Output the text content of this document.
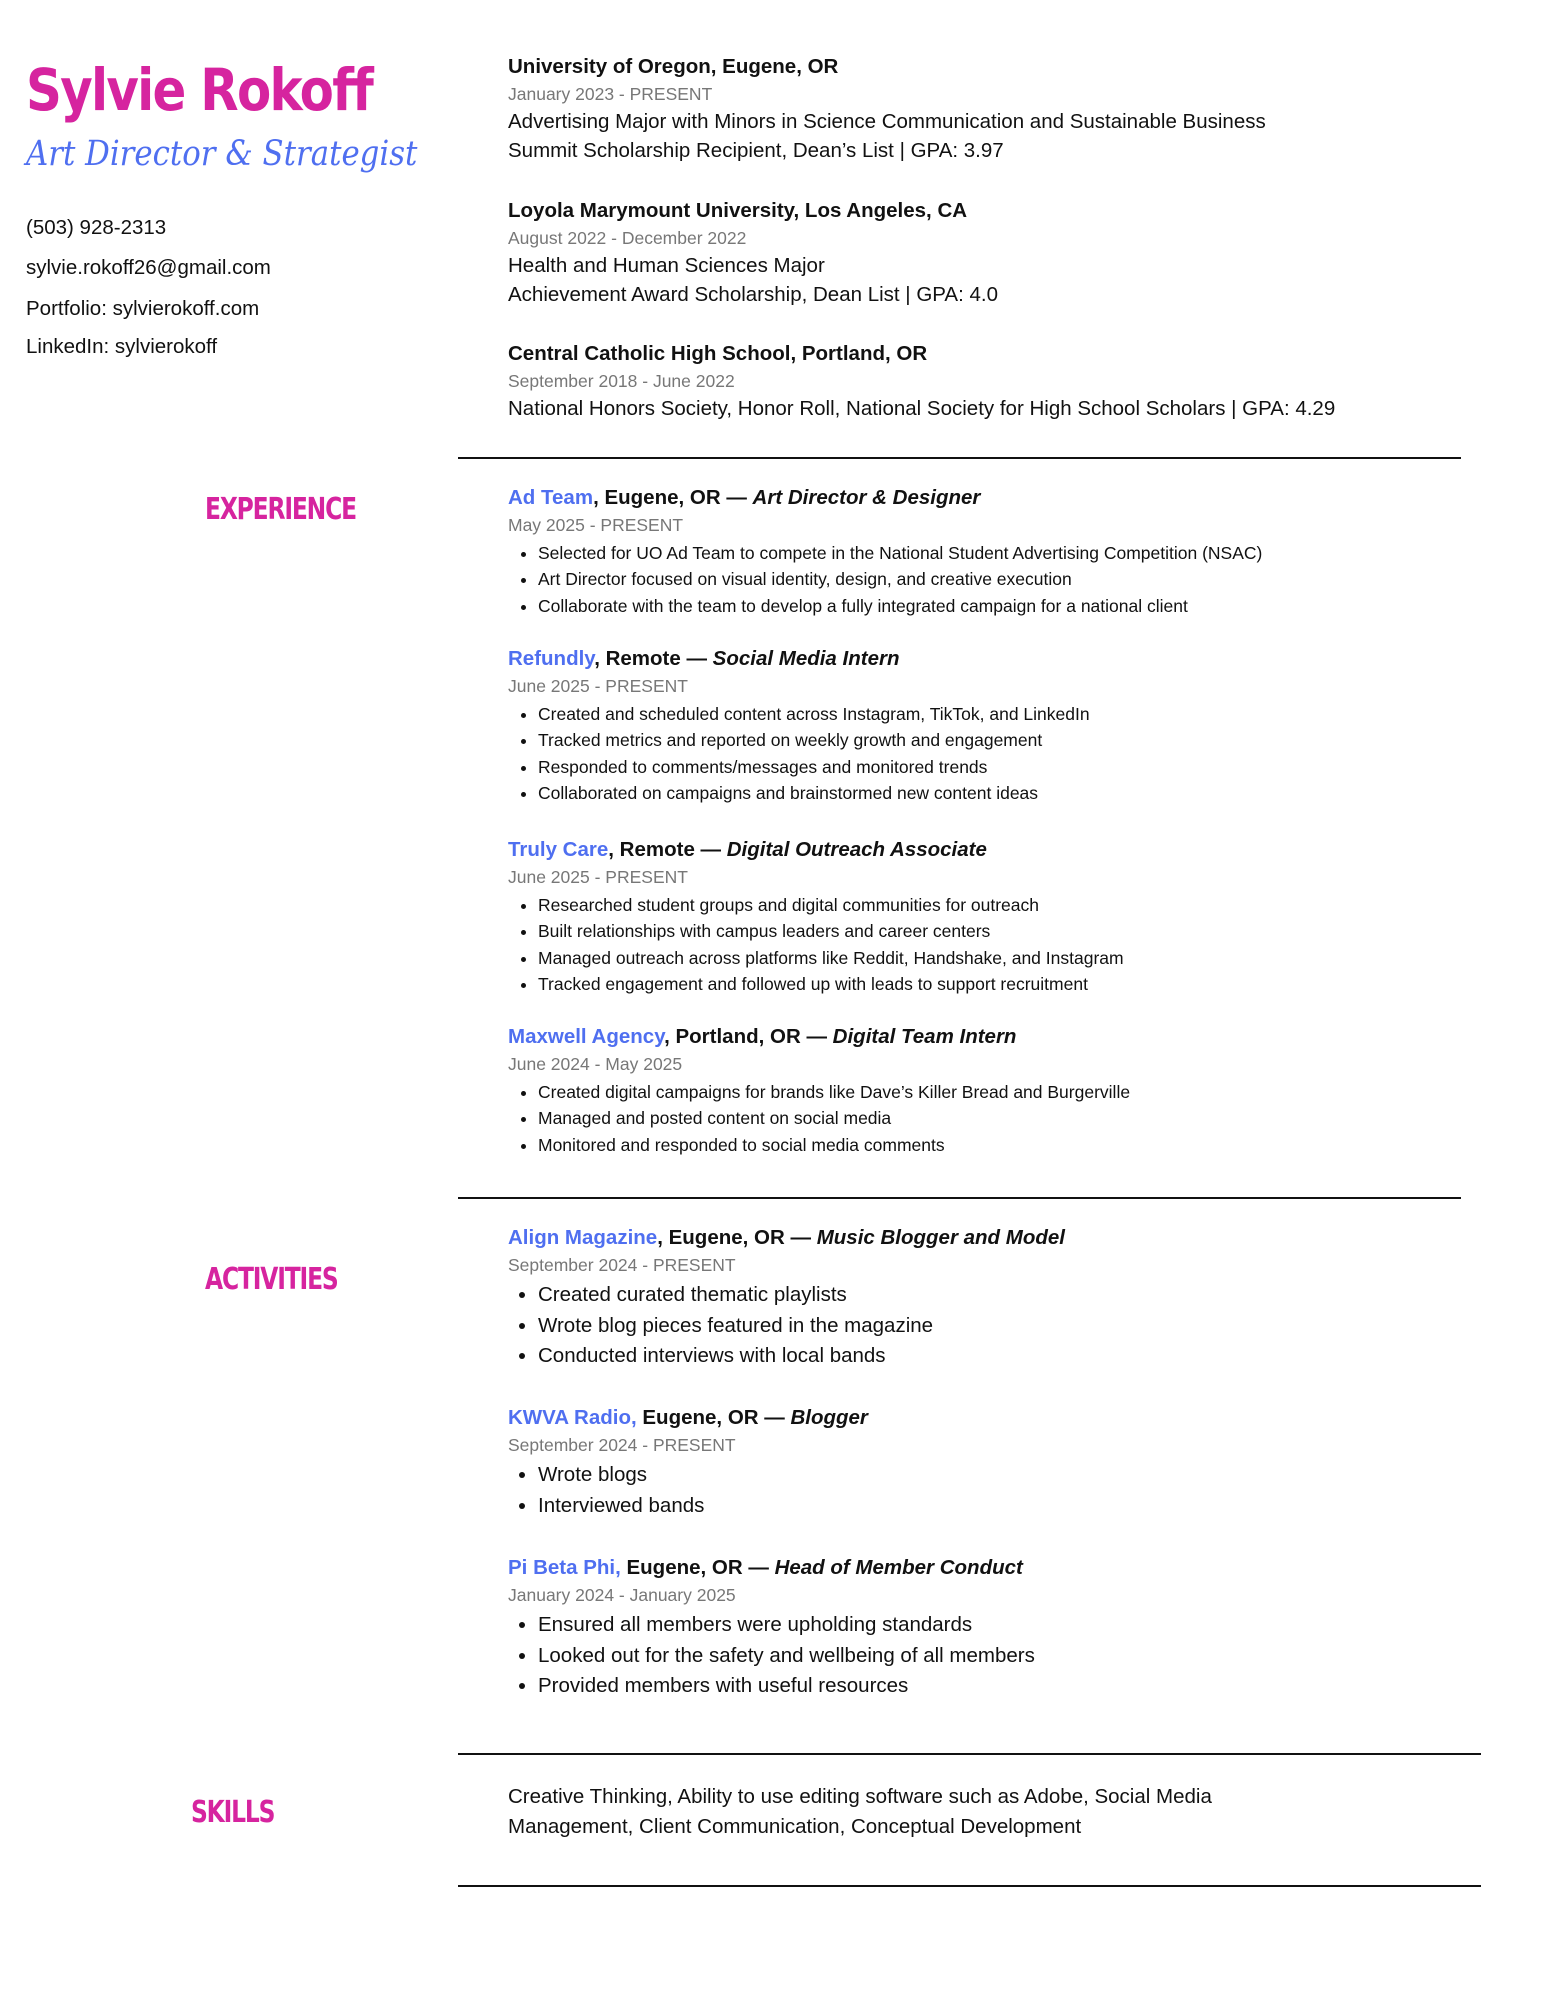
Sylvie Rokoff
Art Director & Strategist
(503) 928-2313
sylvie.rokoff26@gmail.com
Portfolio: sylvierokoff.com
LinkedIn: sylvierokoff
EXPERIENCE
ACTIVITIES
SKILLS
University of Oregon, Eugene, OR
January 2023 - PRESENT
Advertising Major with Minors in Science Communication and Sustainable Business
Summit Scholarship Recipient, Dean’s List | GPA: 3.97
Loyola Marymount University, Los Angeles, CA
August 2022 - December 2022
Health and Human Sciences Major
Achievement Award Scholarship, Dean List | GPA: 4.0
Central Catholic High School, Portland, OR
September 2018 - June 2022
National Honors Society, Honor Roll, National Society for High School Scholars | GPA: 4.29
Ad Team, Eugene, OR — Art Director & Designer
May 2025 - PRESENT
• Selected for UO Ad Team to compete in the National Student Advertising Competition (NSAC)
• Art Director focused on visual identity, design, and creative execution
• Collaborate with the team to develop a fully integrated campaign for a national client
Refundly, Remote — Social Media Intern
June 2025 - PRESENT
• Created and scheduled content across Instagram, TikTok, and LinkedIn
• Tracked metrics and reported on weekly growth and engagement
• Responded to comments/messages and monitored trends
• Collaborated on campaigns and brainstormed new content ideas
Truly Care, Remote — Digital Outreach Associate
June 2025 - PRESENT
• Researched student groups and digital communities for outreach
• Built relationships with campus leaders and career centers
• Managed outreach across platforms like Reddit, Handshake, and Instagram
• Tracked engagement and followed up with leads to support recruitment
Maxwell Agency, Portland, OR — Digital Team Intern
June 2024 - May 2025
• Created digital campaigns for brands like Dave’s Killer Bread and Burgerville
• Managed and posted content on social media
• Monitored and responded to social media comments
Align Magazine, Eugene, OR — Music Blogger and Model
September 2024 - PRESENT
• Created curated thematic playlists
• Wrote blog pieces featured in the magazine
• Conducted interviews with local bands
KWVA Radio, Eugene, OR — Blogger
September 2024 - PRESENT
• Wrote blogs
• Interviewed bands
Pi Beta Phi, Eugene, OR — Head of Member Conduct
January 2024 - January 2025
• Ensured all members were upholding standards
• Looked out for the safety and wellbeing of all members
• Provided members with useful resources
Creative Thinking, Ability to use editing software such as Adobe, Social Media Management, Client Communication, Conceptual Development
